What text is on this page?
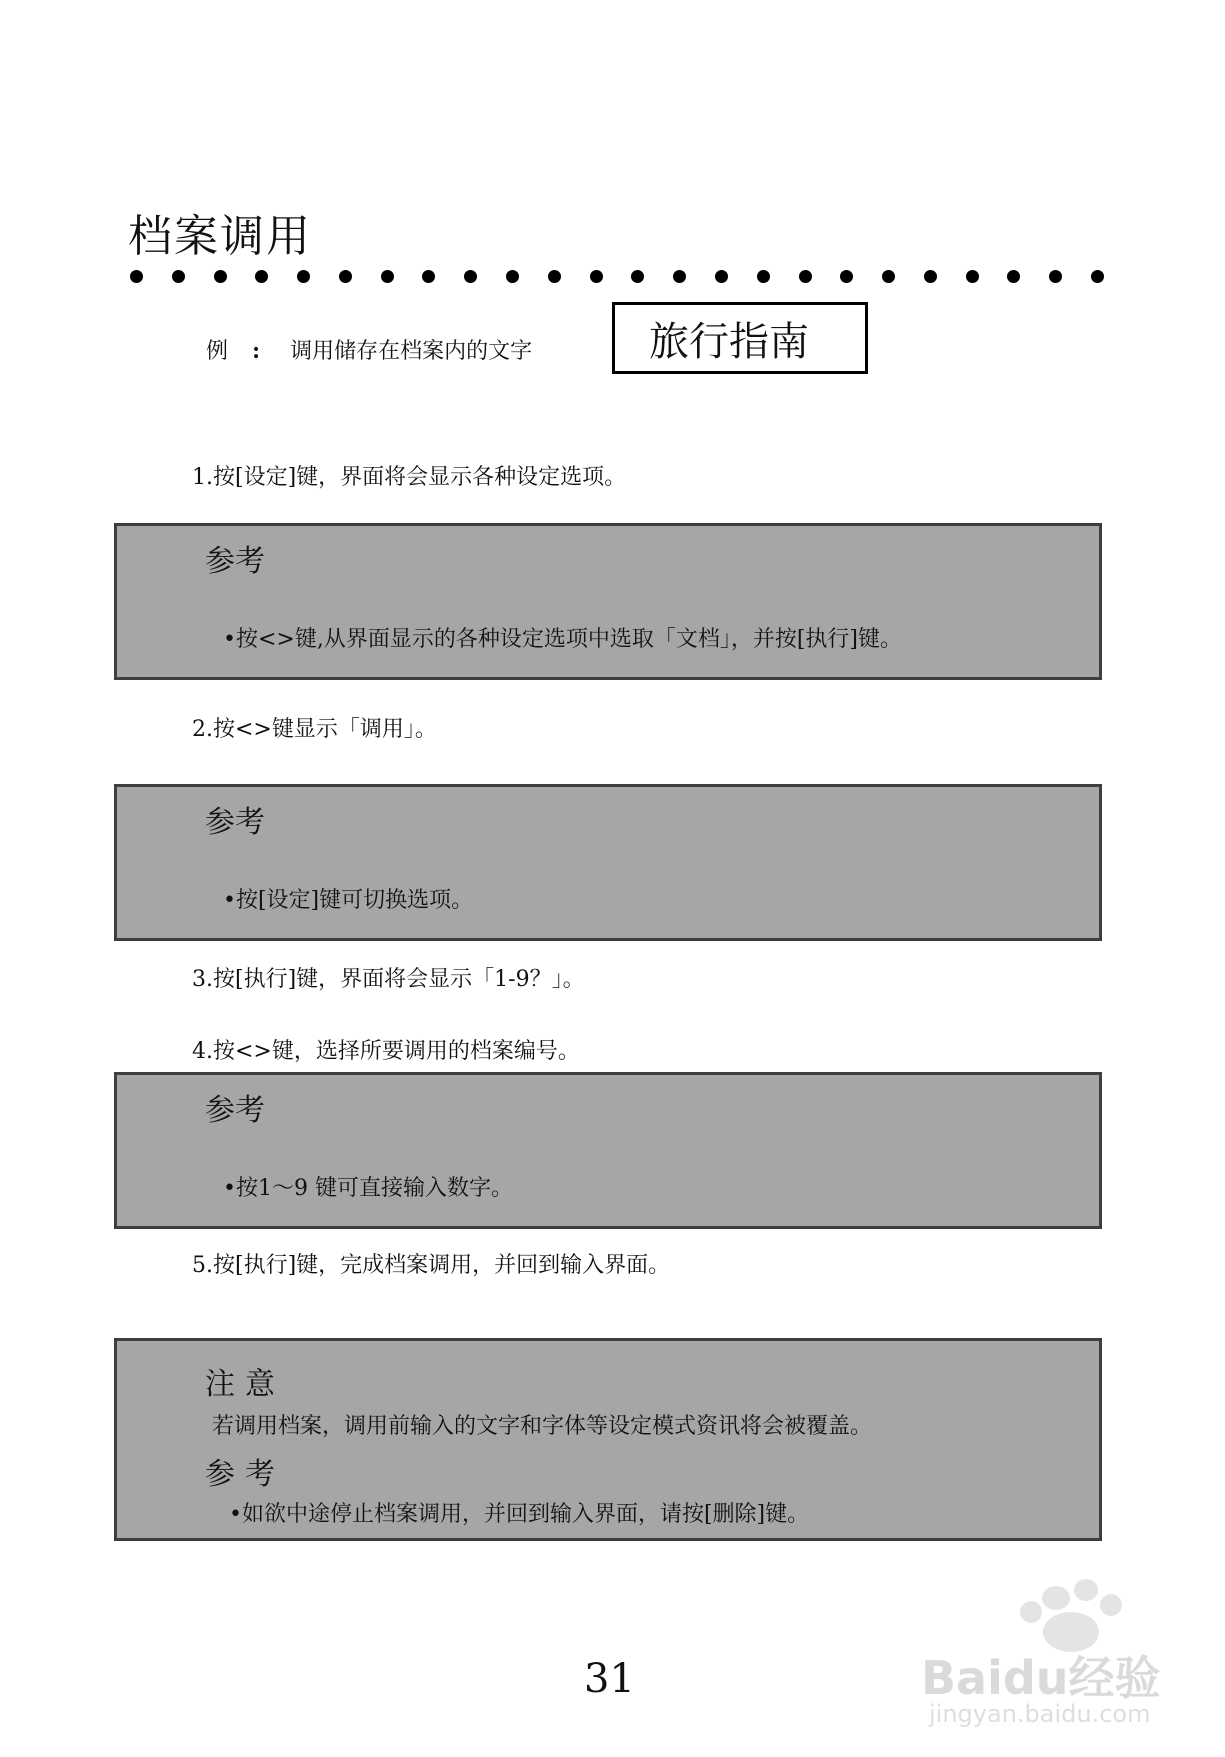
档案调用
例 : 调用储存在档案内的文字	旅行指南
1.按[设定]键，界面将会显示各种设定选项。
参考
•按<>键,从界面显示的各种设定选项中选取「文档」，并按[执行]键。
2.按<>键显示「调用」。
参考
•按[设定]键可切换选项。
3.按[执行]键，界面将会显示「1-9？」。
4.按<>键，选择所要调用的档案编号。
参考
•按1～9 键可直接输入数字。
5.按[执行]键，完成档案调用，并回到输入界面。
注意
若调用档案，调用前输入的文字和字体等设定模式资讯将会被覆盖。
参考
•如欲中途停止档案调用，并回到输入界面，请按[删除]键。
31	Baidu经验
jingyan.baidu.com
